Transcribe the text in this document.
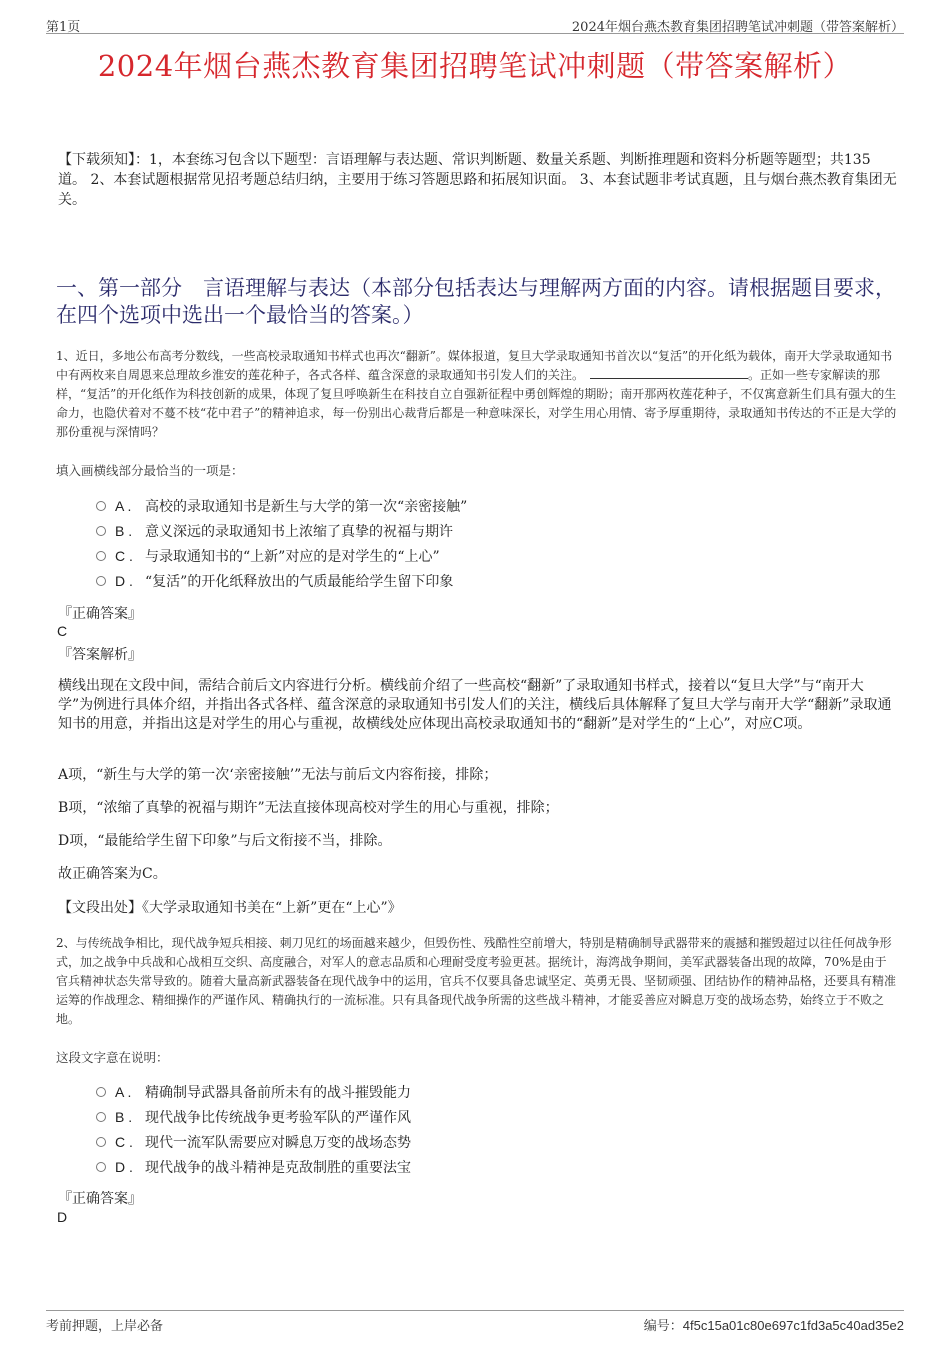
第1页	2024年烟台燕杰教育集团招聘笔试冲刺题（带答案解析）
2024年烟台燕杰教育集团招聘笔试冲刺题（带答案解析）
【下载须知】：1，本套练习包含以下题型：言语理解与表达题、常识判断题、数量关系题、判断推理题和资料分析题等题型；共135道。 2、本套试题根据常见招考题总结归纳，主要用于练习答题思路和拓展知识面。 3、本套试题非考试真题，且与烟台燕杰教育集团无关。
一、第一部分　言语理解与表达（本部分包括表达与理解两方面的内容。请根据题目要求，在四个选项中选出一个最恰当的答案。）
1、近日，多地公布高考分数线，一些高校录取通知书样式也再次“翻新”。媒体报道，复旦大学录取通知书首次以“复活”的开化纸为载体，南开大学录取通知书中有两枚来自周恩来总理故乡淮安的莲花种子，各式各样、蕴含深意的录取通知书引发人们的关注。	。正如一些专家解读的那样，“复活”的开化纸作为科技创新的成果，体现了复旦呼唤新生在科技自立自强新征程中勇创辉煌的期盼；南开那两枚莲花种子，不仅寓意新生们具有强大的生命力，也隐伏着对不蔓不枝“花中君子”的精神追求，每一份别出心裁背后都是一种意味深长，对学生用心用情、寄予厚重期待，录取通知书传达的不正是大学的那份重视与深情吗？
填入画横线部分最恰当的一项是：
A . 高校的录取通知书是新生与大学的第一次“亲密接触”
B . 意义深远的录取通知书上浓缩了真挚的祝福与期许
C . 与录取通知书的“上新”对应的是对学生的“上心”
D . “复活”的开化纸释放出的气质最能给学生留下印象
『正确答案』
C
『答案解析』
横线出现在文段中间，需结合前后文内容进行分析。横线前介绍了一些高校“翻新”了录取通知书样式，接着以“复旦大学”与“南开大学”为例进行具体介绍，并指出各式各样、蕴含深意的录取通知书引发人们的关注，横线后具体解释了复旦大学与南开大学“翻新”录取通知书的用意，并指出这是对学生的用心与重视，故横线处应体现出高校录取通知书的“翻新”是对学生的“上心”，对应C项。
A项，“新生与大学的第一次‘亲密接触’”无法与前后文内容衔接，排除；
B项，“浓缩了真挚的祝福与期许”无法直接体现高校对学生的用心与重视，排除；
D项，“最能给学生留下印象”与后文衔接不当，排除。
故正确答案为C。
【文段出处】《大学录取通知书美在“上新”更在“上心”》
2、与传统战争相比，现代战争短兵相接、刺刀见红的场面越来越少，但毁伤性、残酷性空前增大，特别是精确制导武器带来的震撼和摧毁超过以往任何战争形式，加之战争中兵战和心战相互交织、高度融合，对军人的意志品质和心理耐受度考验更甚。据统计，海湾战争期间，美军武器装备出现的故障，70%是由于官兵精神状态失常导致的。随着大量高新武器装备在现代战争中的运用，官兵不仅要具备忠诚坚定、英勇无畏、坚韧顽强、团结协作的精神品格，还要具有精准运筹的作战理念、精细操作的严谨作风、精确执行的一流标准。只有具备现代战争所需的这些战斗精神，才能妥善应对瞬息万变的战场态势，始终立于不败之地。
这段文字意在说明：
A . 精确制导武器具备前所未有的战斗摧毁能力
B . 现代战争比传统战争更考验军队的严谨作风
C . 现代一流军队需要应对瞬息万变的战场态势
D . 现代战争的战斗精神是克敌制胜的重要法宝
『正确答案』
D
考前押题，上岸必备	编号：4f5c15a01c80e697c1fd3a5c40ad35e2
